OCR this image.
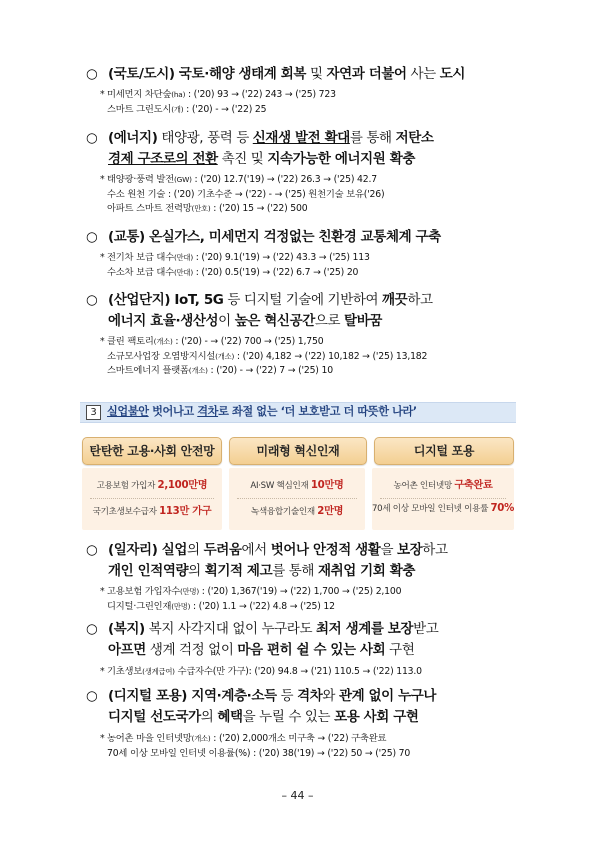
○ (국토/도시) 국토·해양 생태계 회복 및 자연과 더불어 사는 도시
* 미세먼지 차단숲(ha) : ('20) 93 → ('22) 243 → ('25) 723
스마트 그린도시(개) : ('20) - → ('22) 25
○ (에너지) 태양광, 풍력 등 신재생 발전 확대를 통해 저탄소
경제 구조로의 전환 촉진 및 지속가능한 에너지원 확충
* 태양광·풍력 발전(GW) : ('20) 12.7('19) → ('22) 26.3 → ('25) 42.7
수소 원천 기술 : ('20) 기초수준 → ('22) - → ('25) 원천기술 보유('26)
아파트 스마트 전력망(만호) : ('20) 15 → ('22) 500
○ (교통) 온실가스, 미세먼지 걱정없는 친환경 교통체계 구축
* 전기차 보급 대수(만대) : ('20) 9.1('19) → ('22) 43.3 → ('25) 113
수소차 보급 대수(만대) : ('20) 0.5('19) → ('22) 6.7 → ('25) 20
○ (산업단지) IoT, 5G 등 디지털 기술에 기반하여 깨끗하고
에너지 효율·생산성이 높은 혁신공간으로 탈바꿈
* 클린 팩토리(개소) : ('20) - → ('22) 700 → ('25) 1,750
소규모사업장 오염방지시설(개소) : ('20) 4,182 → ('22) 10,182 → ('25) 13,182
스마트에너지 플랫폼(개소) : ('20) - → ('22) 7 → ('25) 10
3 실업불안 벗어나고 격차로 좌절 없는 ‘더 보호받고 더 따뜻한 나라’
탄탄한 고용·사회 안전망	미래형 혁신인재	디지털 포용
고용보험 가입자 2,100만명
국기초생보수급자 113만 가구
AI·SW 핵심인재 10만명
녹색융합기술인재 2만명
농어촌 인터넷망 구축완료
70세 이상 모바일 인터넷 이용률 70%
○ (일자리) 실업의 두려움에서 벗어나 안정적 생활을 보장하고
개인 인적역량의 획기적 제고를 통해 재취업 기회 확충
* 고용보험 가입자수(만명) : ('20) 1,367('19) → ('22) 1,700 → ('25) 2,100
디지털·그린인재(만명) : ('20) 1.1 → ('22) 4.8 → ('25) 12
○ (복지) 복지 사각지대 없이 누구라도 최저 생계를 보장받고
아프면 생계 걱정 없이 마음 편히 쉴 수 있는 사회 구현
* 기초생보(생계급여) 수급자수(만 가구): ('20) 94.8 → ('21) 110.5 → ('22) 113.0
○ (디지털 포용) 지역·계층·소득 등 격차와 관계 없이 누구나
디지털 선도국가의 혜택을 누릴 수 있는 포용 사회 구현
* 농어촌 마을 인터넷망(개소) : ('20) 2,000개소 미구축 → ('22) 구축완료
70세 이상 모바일 인터넷 이용률(%) : ('20) 38('19) → ('22) 50 → ('25) 70
– 44 –
